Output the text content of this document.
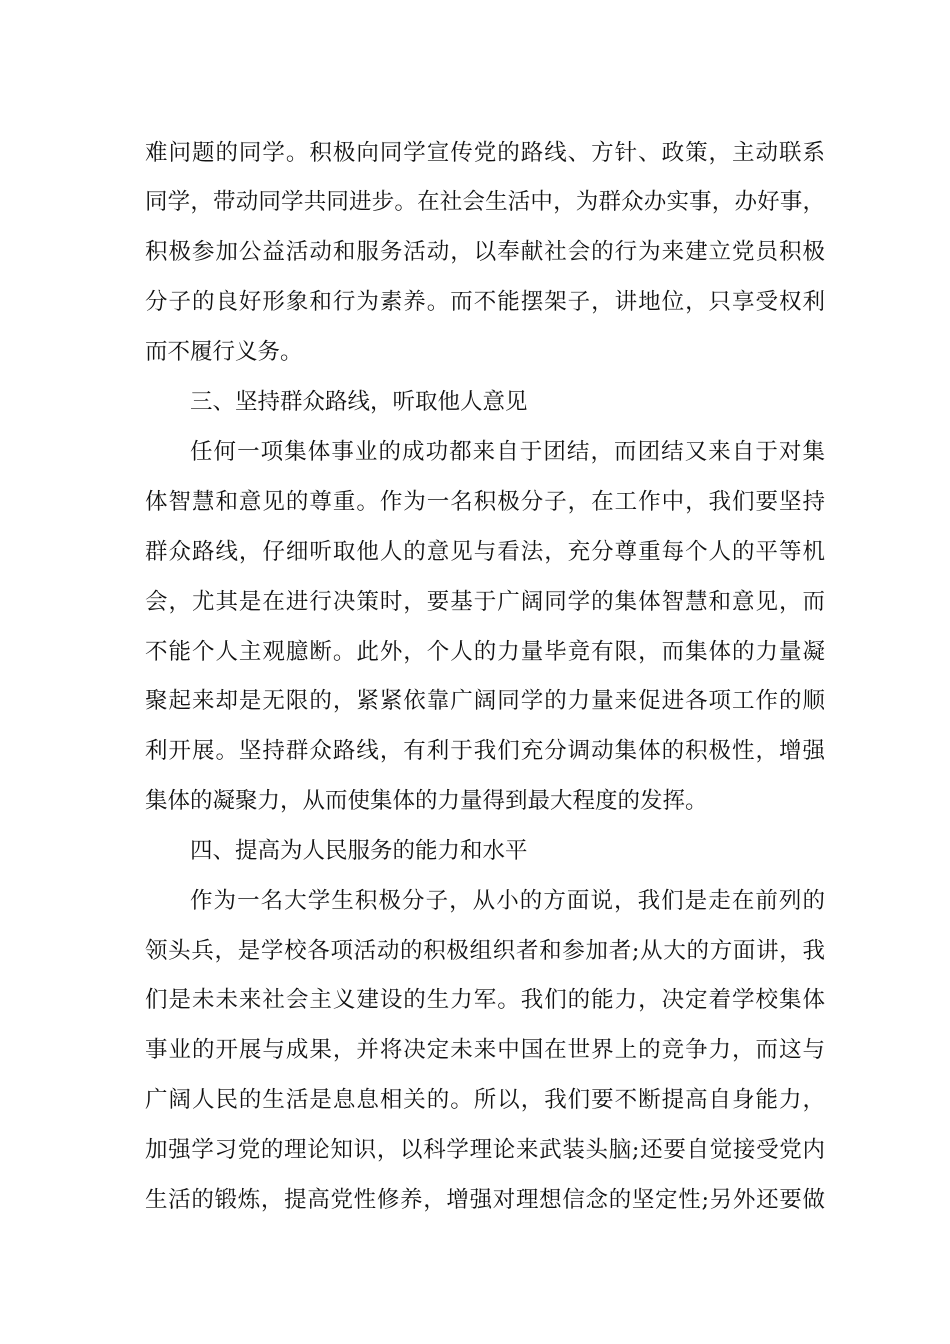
难问题的同学。积极向同学宣传党的路线、方针、政策，主动联系
同学，带动同学共同进步。在社会生活中，为群众办实事，办好事，
积极参加公益活动和服务活动，以奉献社会的行为来建立党员积极
分子的良好形象和行为素养。而不能摆架子，讲地位，只享受权利
而不履行义务。
三、坚持群众路线，听取他人意见
任何一项集体事业的成功都来自于团结，而团结又来自于对集
体智慧和意见的尊重。作为一名积极分子，在工作中，我们要坚持
群众路线，仔细听取他人的意见与看法，充分尊重每个人的平等机
会，尤其是在进行决策时，要基于广阔同学的集体智慧和意见，而
不能个人主观臆断。此外，个人的力量毕竟有限，而集体的力量凝
聚起来却是无限的，紧紧依靠广阔同学的力量来促进各项工作的顺
利开展。坚持群众路线，有利于我们充分调动集体的积极性，增强
集体的凝聚力，从而使集体的力量得到最大程度的发挥。
四、提高为人民服务的能力和水平
作为一名大学生积极分子，从小的方面说，我们是走在前列的
领头兵，是学校各项活动的积极组织者和参加者;从大的方面讲，我
们是未未来社会主义建设的生力军。我们的能力，决定着学校集体
事业的开展与成果，并将决定未来中国在世界上的竞争力，而这与
广阔人民的生活是息息相关的。所以，我们要不断提高自身能力，
加强学习党的理论知识，以科学理论来武装头脑;还要自觉接受党内
生活的锻炼，提高党性修养，增强对理想信念的坚定性;另外还要做
